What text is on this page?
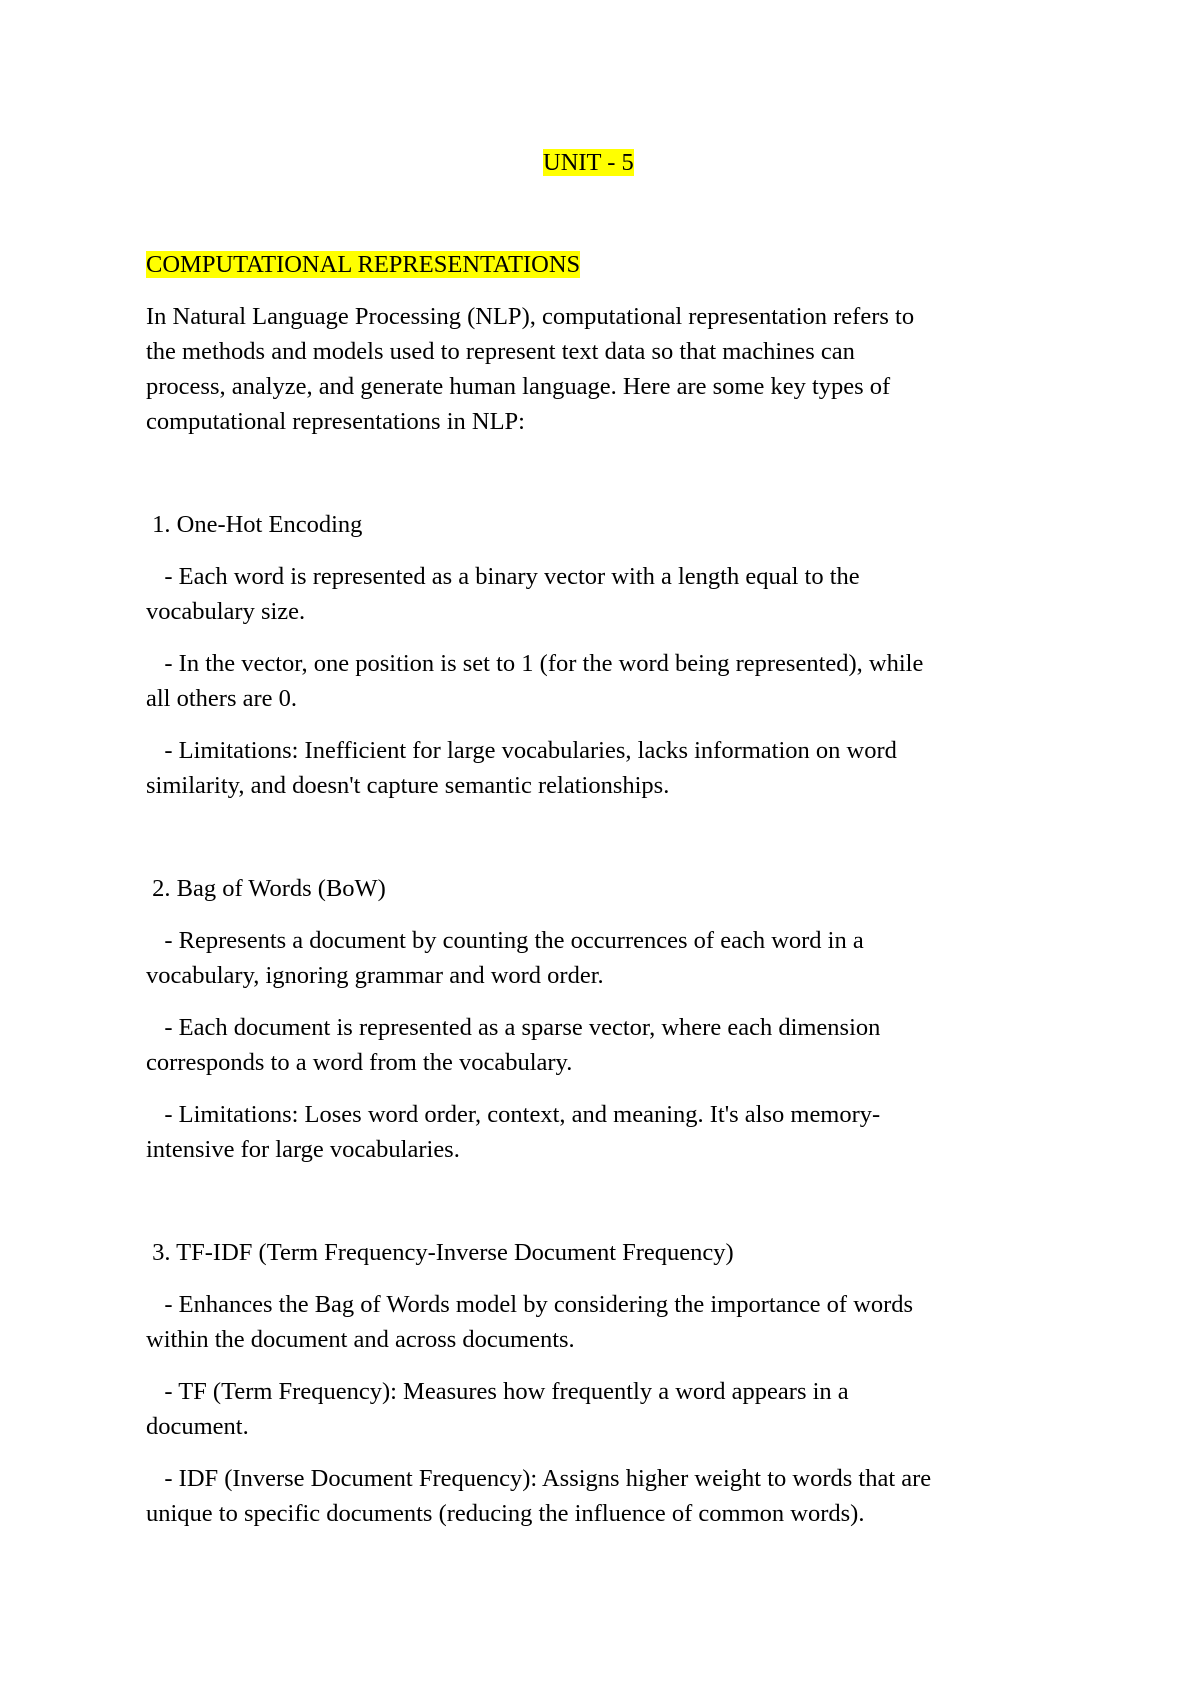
UNIT - 5
COMPUTATIONAL REPRESENTATIONS
In Natural Language Processing (NLP), computational representation refers to
the methods and models used to represent text data so that machines can
process, analyze, and generate human language. Here are some key types of
computational representations in NLP:
1. One-Hot Encoding
- Each word is represented as a binary vector with a length equal to the
vocabulary size.
- In the vector, one position is set to 1 (for the word being represented), while
all others are 0.
- Limitations: Inefficient for large vocabularies, lacks information on word
similarity, and doesn't capture semantic relationships.
2. Bag of Words (BoW)
- Represents a document by counting the occurrences of each word in a
vocabulary, ignoring grammar and word order.
- Each document is represented as a sparse vector, where each dimension
corresponds to a word from the vocabulary.
- Limitations: Loses word order, context, and meaning. It's also memory-
intensive for large vocabularies.
3. TF-IDF (Term Frequency-Inverse Document Frequency)
- Enhances the Bag of Words model by considering the importance of words
within the document and across documents.
- TF (Term Frequency): Measures how frequently a word appears in a
document.
- IDF (Inverse Document Frequency): Assigns higher weight to words that are
unique to specific documents (reducing the influence of common words).
